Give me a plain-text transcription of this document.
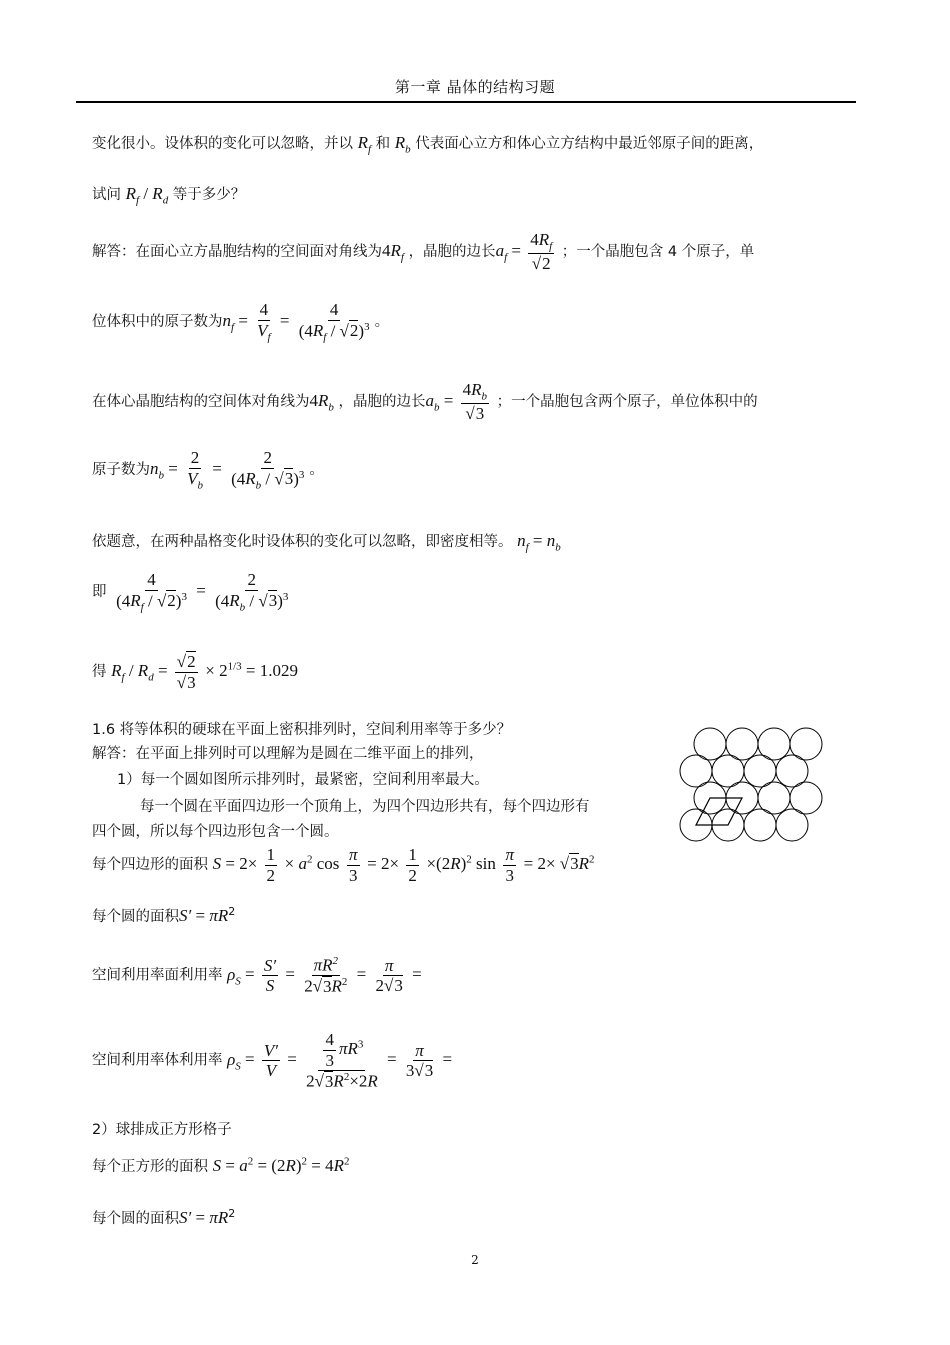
第一章 晶体的结构习题
变化很小。设体积的变化可以忽略，并以 $R_f$ 和 $R_b$ 代表面心立方和体心立方结构中最近邻原子间的距离，
试问 $R_f / R_d$ 等于多少？
解答：在面心立方晶胞结构的空间面对角线为$4R_f$ ，晶胞的边长$a_f = \frac{4R_f}{√2}$ ；一个晶胞包含 4 个原子，单
位体积中的原子数为$n_f = \frac{4}{V_f} = \frac{4}{(4R_f / √2)^3}$ 。
在体心晶胞结构的空间体对角线为$4R_b$ ，晶胞的边长$a_b = \frac{4R_b}{√3}$ ；一个晶胞包含两个原子，单位体积中的
原子数为$n_b = \frac{2}{V_b} = \frac{2}{(4R_b / √3)^3}$ 。
依题意，在两种晶格变化时设体积的变化可以忽略，即密度相等。 $n_f = n_b$
即 $\frac{4}{(4R_f / √2)^3} = \frac{2}{(4R_b / √3)^3}$
得 $R_f / R_d = \frac{√2}{√3} \times 2^{1/3} = 1.029$
1.6 将等体积的硬球在平面上密积排列时，空间利用率等于多少？
解答：在平面上排列时可以理解为是圆在二维平面上的排列，
1）每一个圆如图所示排列时，最紧密，空间利用率最大。
每一个圆在平面四边形一个顶角上，为四个四边形共有，每个四边形有
四个圆，所以每个四边形包含一个圆。
每个四边形的面积 $S = 2\times \frac{1}{2} \times a^2$ $\cos \frac{\pi}{3} = 2\times \frac{1}{2} \times(2R)^2$ $\sin \frac{\pi}{3} = 2\times √3R^2$
每个圆的面积$S' = \pi R^2$
空间利用率面利用率 $\rho_S = \frac{S'}{S} = \frac{\pi R^2}{2√3R^2} = \frac{\pi}{2√3}$ =
空间利用率体利用率 $\rho_S = \frac{V'}{V} = \frac{\frac{4}{3} \pi R^3}{2√3R^2\times 2R} = \frac{\pi}{3√3}$ =
2）球排成正方形格子
每个正方形的面积 $S = a^2 = (2R)^2 = 4R^2$
每个圆的面积$S' = \pi R^2$
2
